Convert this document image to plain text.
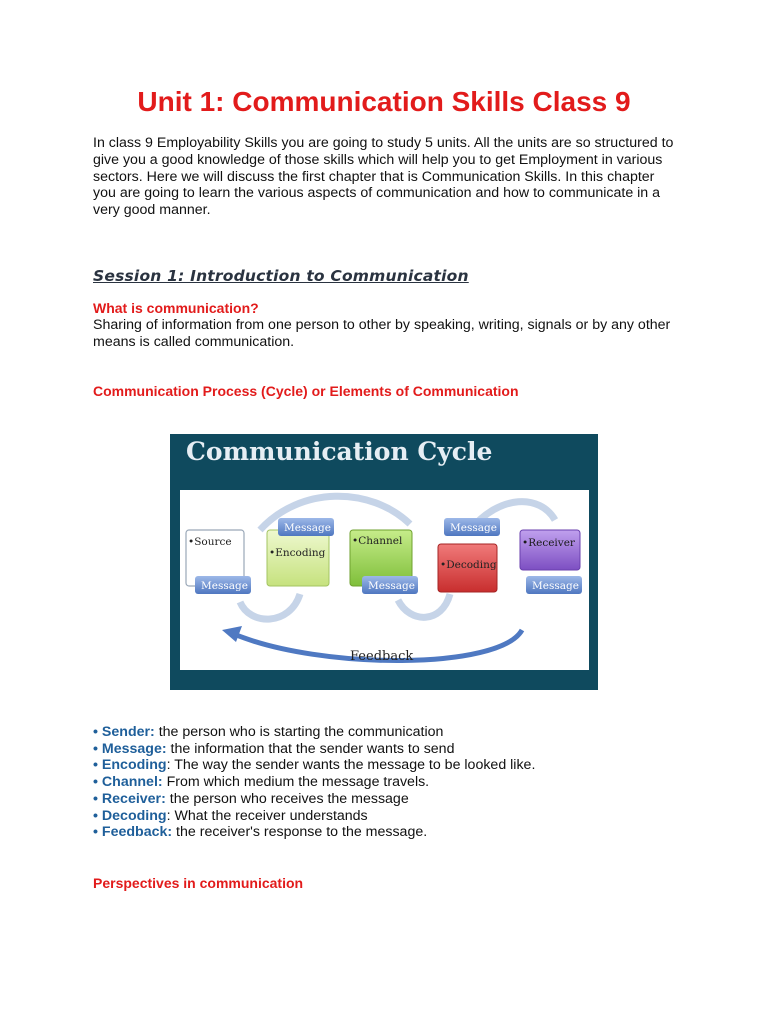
Unit 1: Communication Skills Class 9

In class 9 Employability Skills you are going to study 5 units. All the units are so structured to give you a good knowledge of those skills which will help you to get Employment in various sectors. Here we will discuss the first chapter that is Communication Skills. In this chapter you are going to learn the various aspects of communication and how to communicate in a very good manner.

Session 1: Introduction to Communication
What is communication?

Sharing of information from one person to other by speaking, writing, signals or by any other means is called communication.

Communication Process (Cycle) or Elements of Communication
Communication Cycle
Feedback
•Source
•Encoding
•Channel
•Decoding
•Receiver
Message	Message
Message	Message	Message
• Sender: the person who is starting the communication
• Message: the information that the sender wants to send
• Encoding: The way the sender wants the message to be looked like.
• Channel: From which medium the message travels.
• Receiver: the person who receives the message
• Decoding: What the receiver understands
• Feedback: the receiver's response to the message.
Perspectives in communication
